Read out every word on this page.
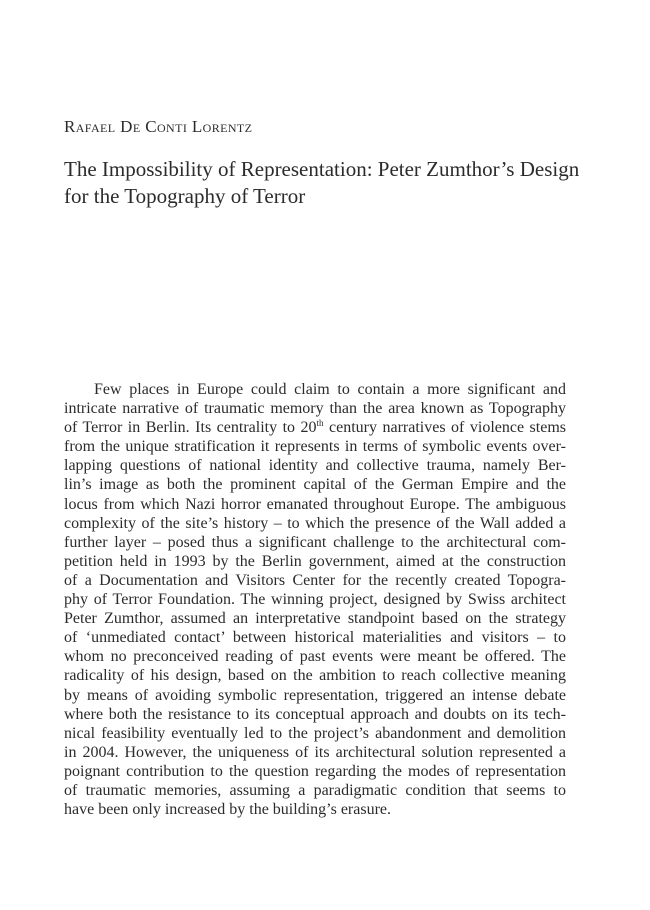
Rafael De Conti Lorentz
The Impossibility of Representation: Peter Zumthor’s Design
for the Topography of Terror
Few places in Europe could claim to contain a more significant and
intricate narrative of traumatic memory than the area known as Topography
of Terror in Berlin. Its centrality to 20th century narratives of violence stems
from the unique stratification it represents in terms of symbolic events over-
lapping questions of national identity and collective trauma, namely Ber-
lin’s image as both the prominent capital of the German Empire and the
locus from which Nazi horror emanated throughout Europe. The ambiguous
complexity of the site’s history – to which the presence of the Wall added a
further layer – posed thus a significant challenge to the architectural com-
petition held in 1993 by the Berlin government, aimed at the construction
of a Documentation and Visitors Center for the recently created Topogra-
phy of Terror Foundation. The winning project, designed by Swiss architect
Peter Zumthor, assumed an interpretative standpoint based on the strategy
of ‘unmediated contact’ between historical materialities and visitors – to
whom no preconceived reading of past events were meant be offered. The
radicality of his design, based on the ambition to reach collective meaning
by means of avoiding symbolic representation, triggered an intense debate
where both the resistance to its conceptual approach and doubts on its tech-
nical feasibility eventually led to the project’s abandonment and demolition
in 2004. However, the uniqueness of its architectural solution represented a
poignant contribution to the question regarding the modes of representation
of traumatic memories, assuming a paradigmatic condition that seems to
have been only increased by the building’s erasure.
